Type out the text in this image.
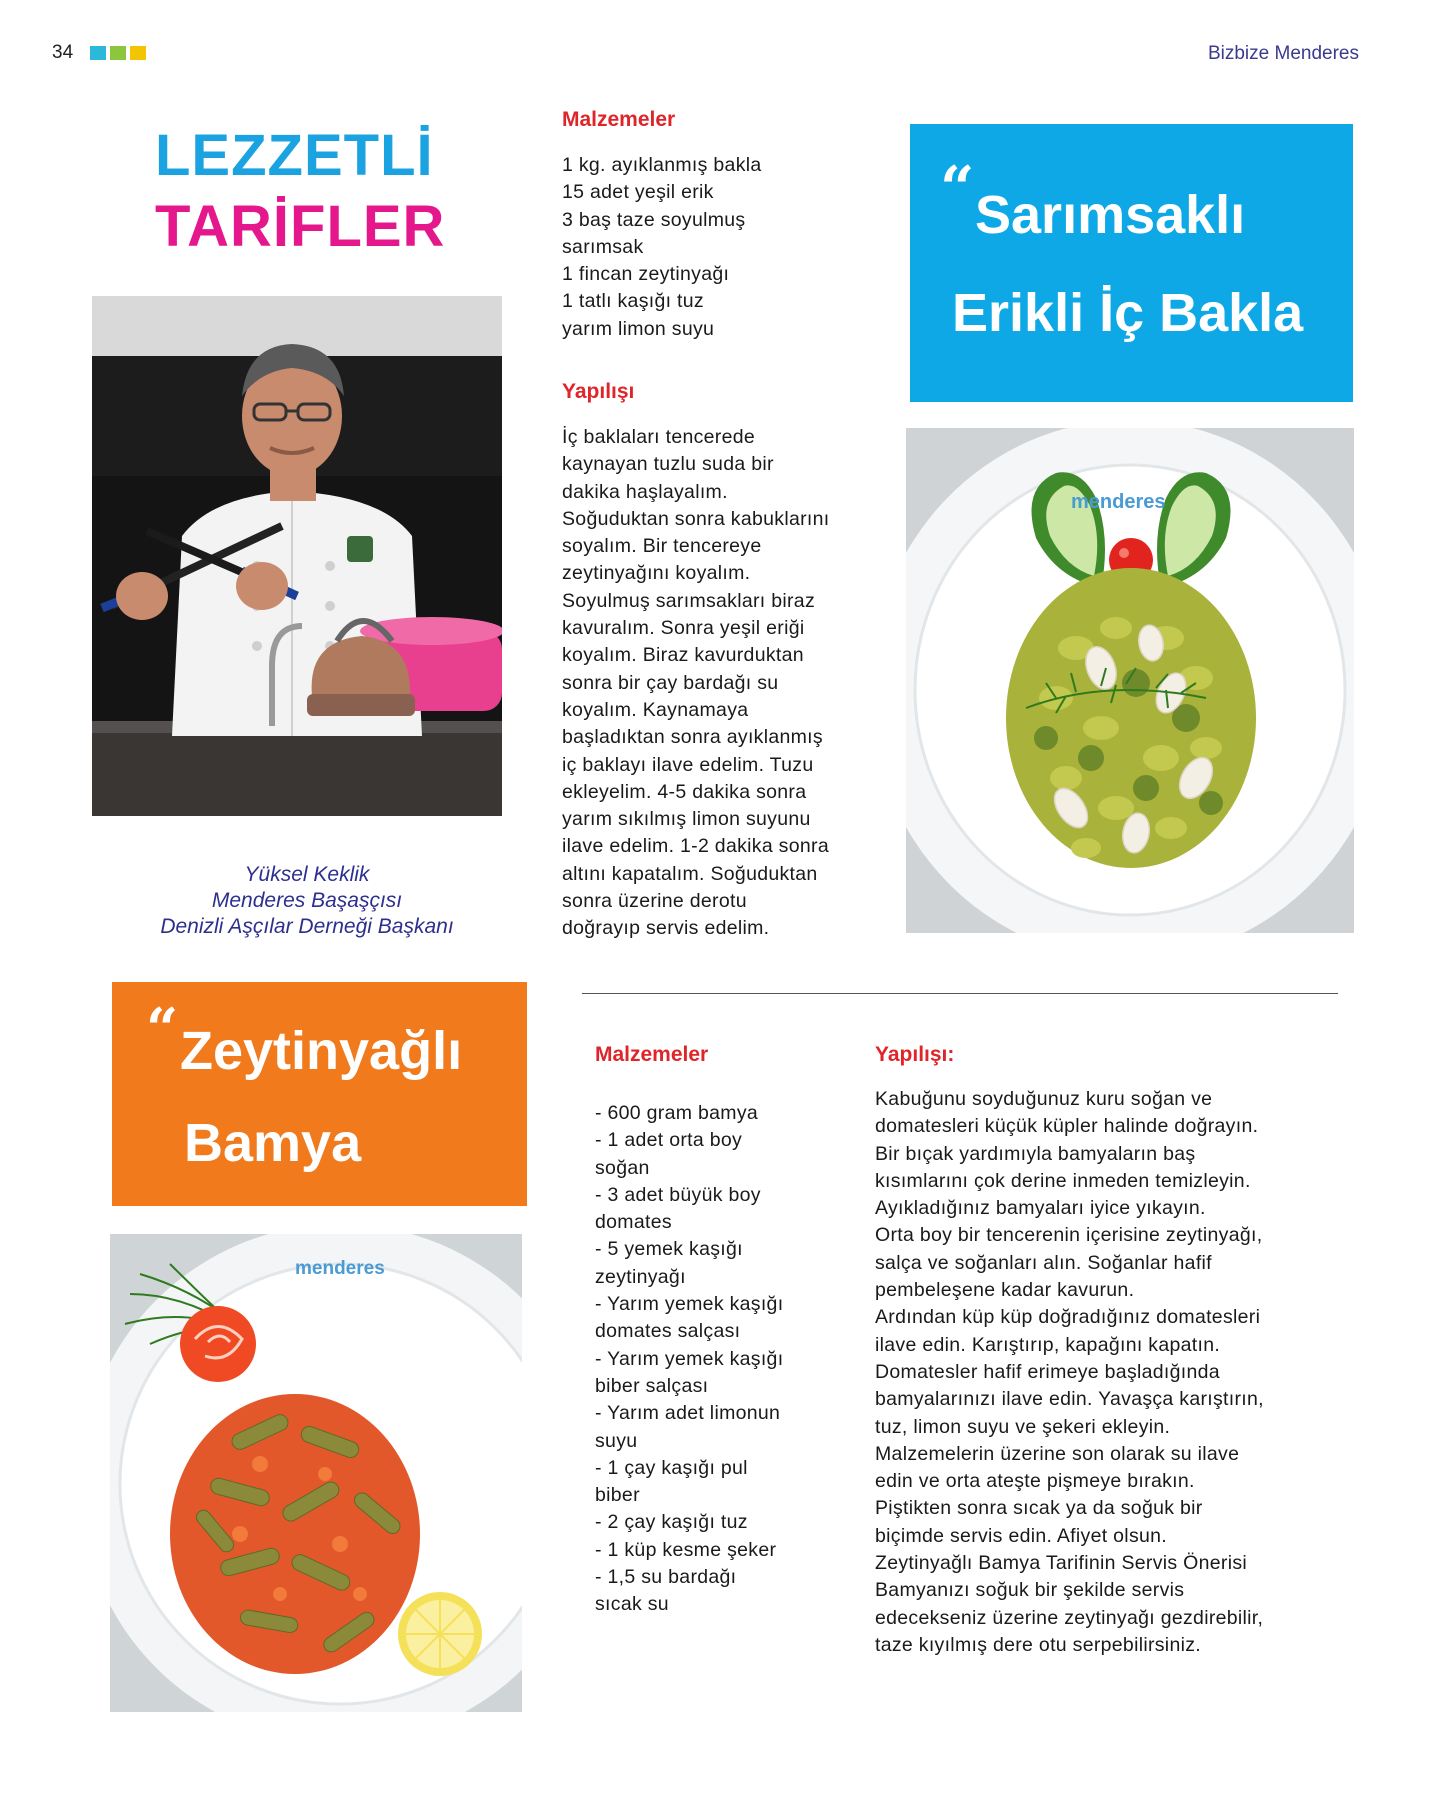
34	Bizbize Menderes
LEZZETLİ
TARİFLER
Yüksel Keklik
Menderes Başaşçısı
Denizli Aşçılar Derneği Başkanı
Malzemeler
1 kg. ayıklanmış bakla
15 adet yeşil erik
3 baş taze soyulmuş
sarımsak
1 fincan zeytinyağı
1 tatlı kaşığı tuz
yarım limon suyu
Yapılışı
İç baklaları tencerede
kaynayan tuzlu suda bir
dakika haşlayalım.
Soğuduktan sonra kabuklarını
soyalım. Bir tencereye
zeytinyağını koyalım.
Soyulmuş sarımsakları biraz
kavuralım. Sonra yeşil eriği
koyalım. Biraz kavurduktan
sonra bir çay bardağı su
koyalım. Kaynamaya
başladıktan sonra ayıklanmış
iç baklayı ilave edelim. Tuzu
ekleyelim. 4-5 dakika sonra
yarım sıkılmış limon suyunu
ilave edelim. 1-2 dakika sonra
altını kapatalım. Soğuduktan
sonra üzerine derotu
doğrayıp servis edelim.
“ Sarımsaklı
Erikli İç Bakla
menderes
“ Zeytinyağlı
Bamya
menderes
Malzemeler
- 600 gram bamya
- 1 adet orta boy
soğan
- 3 adet büyük boy
domates
- 5 yemek kaşığı
zeytinyağı
- Yarım yemek kaşığı
domates salçası
- Yarım yemek kaşığı
biber salçası
- Yarım adet limonun
suyu
- 1 çay kaşığı pul
biber
- 2 çay kaşığı tuz
- 1 küp kesme şeker
- 1,5 su bardağı
sıcak su
Yapılışı:
Kabuğunu soyduğunuz kuru soğan ve
domatesleri küçük küpler halinde doğrayın.
Bir bıçak yardımıyla bamyaların baş
kısımlarını çok derine inmeden temizleyin.
Ayıkladığınız bamyaları iyice yıkayın.
Orta boy bir tencerenin içerisine zeytinyağı,
salça ve soğanları alın. Soğanlar hafif
pembeleşene kadar kavurun.
Ardından küp küp doğradığınız domatesleri
ilave edin. Karıştırıp, kapağını kapatın.
Domatesler hafif erimeye başladığında
bamyalarınızı ilave edin. Yavaşça karıştırın,
tuz, limon suyu ve şekeri ekleyin.
Malzemelerin üzerine son olarak su ilave
edin ve orta ateşte pişmeye bırakın.
Piştikten sonra sıcak ya da soğuk bir
biçimde servis edin. Afiyet olsun.
Zeytinyağlı Bamya Tarifinin Servis Önerisi
Bamyanızı soğuk bir şekilde servis
edecekseniz üzerine zeytinyağı gezdirebilir,
taze kıyılmış dere otu serpebilirsiniz.
